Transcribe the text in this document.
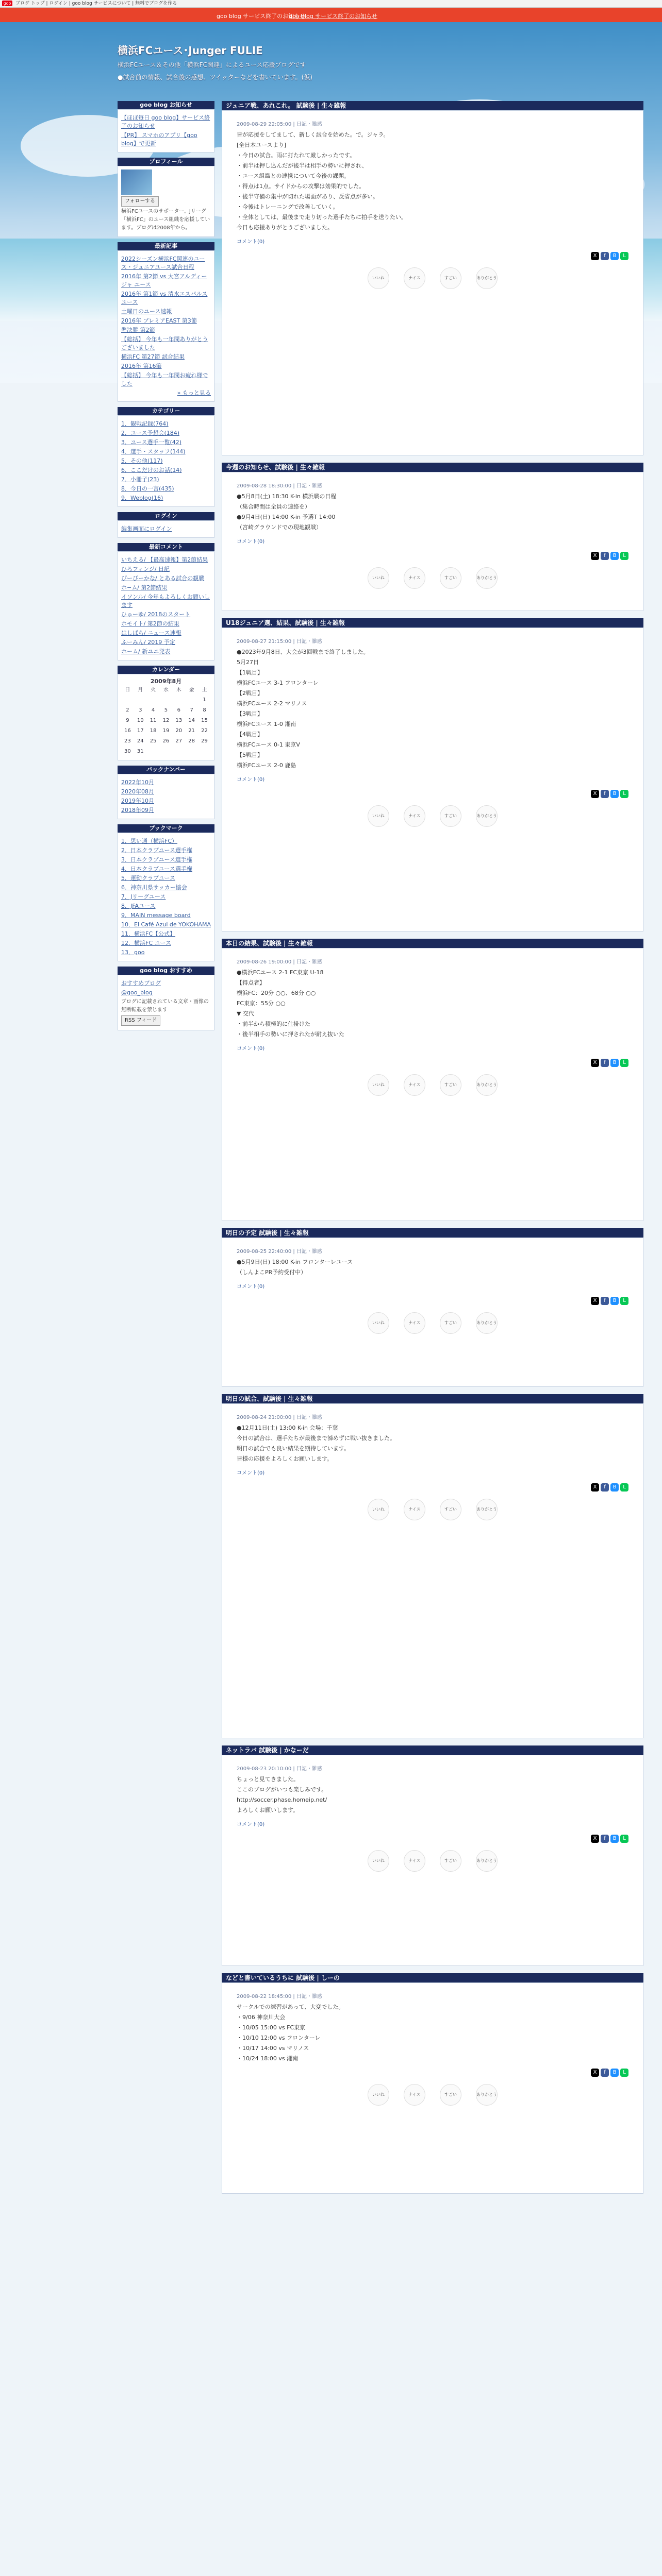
goo ブログ トップ | ログイン | goo blog サービスについて | 無料でブログを作る
goo blog サービス終了のお知らせ
goo blog サービス終了のお知らせ
横浜FCユース･Junger FULIE
横浜FCユース＆その他「横浜FC関連」によるユース応援ブログです
●試合前の情報、試合後の感想、ツイッターなどを書いています。(仮)
goo blog お知らせ
【ほぼ毎日 goo blog】サービス終了のお知らせ
【PR】 スマホのアプリ【goo blog】で更新
プロフィール
フォローする
横浜FCユースのサポーター。Jリーグ「横浜FC」のユース組織を応援しています。ブログは2008年から。
最新記事
2022シーズン横浜FC関連のユース・ジュニアユース試合日程
2016年 第2節 vs 大宮アルディージャ ユース
2016年 第1節 vs 清水エスパルスユース
土曜日のユース速報
2016年 プレミアEAST 第3節
準決勝 第2節
【総括】 今年も一年間ありがとうございました
横浜FC 第27節 試合結果
2016年 第16節
【総括】 今年も一年間お疲れ様でした
» もっと見る
カテゴリー
1．観戦記録(764)
2．ユース予想会(184)
3．ユース選手一覧(42)
4．選手・スタッフ(144)
5．その他(117)
6．ここだけのお話(14)
7．小冊子(23)
8．今日の一言(435)
9．Weblog(16)
ログイン
編集画面にログイン
最新コメント
いちえる/ 【最高速報】第2節結果
ひろフィンジ/ 日記
ぴーぴーかな/ とある試合の観戦
ホ−ム/ 第2節結果
イソンル/ 今年もよろしくお願いします
ひゅーゆ/ 2018のスタート
ホモイト/ 第2節の結果
はしばら/ ニュース速報
ふーみん/ 2019 予定
ホーム/ 新ユニ発表
カレンダー
2009年8月
日	月	火	水	木	金	土
						1
2	3	4	5	6	7	8
9	10	11	12	13	14	15
16	17	18	19	20	21	22
23	24	25	26	27	28	29
30	31					
バックナンバー
2022年10月
2020年08月
2019年10月
2018年09月
ブックマーク
1．思い通（横浜FC）
2．日本クラブユース選手権
3．日本クラブユース選手権
4．日本クラブユース選手権
5．運動クラブユース
6．神奈川県サッカー協会
7．Jリーグユース
8．JFAユース
9．MAIN message board
10．El Café Azul de YOKOHAMA
11．横浜FC【公式】
12．横浜FC ユース
13．goo
goo blog おすすめ
おすすめブログ
@goo_blog
ブログに記載されている文章・画像の無断転載を禁じます
RSS フィード
ジュニア戦、あれこれ。 試験後 | 生々雑報
2009-08-29 22:05:00 | 日記・雑感

皆が応援をしてまして、新しく試合を始めた。で。ジャラ。

[全日本ユースより]

・今日の試合。雨に打たれて厳しかったです。

・前半は押し込んだが後半は相手の勢いに押され、

・ユース組織との連携について今後の課題。

・得点は1点。サイドからの攻撃は効果的でした。

・後半守備の集中が切れた場面があり、反省点が多い。

・今後はトレーニングで改善していく。

・全体としては、最後まで走り切った選手たちに拍手を送りたい。

今日も応援ありがとうございました。

コメント(0)
X f B L
いいね	ナイス	すごい	ありがとう
今週のお知らせ、試験後 | 生々雑報
2009-08-28 18:30:00 | 日記・雑感

●5月8日(土) 18:30 K-in 横浜戦の日程

（集合時間は全員の連絡を）

●9月4日(日) 14:00 K-in 予選T 14:00

（宮崎グラウンドでの現地観戦）

コメント(0)
X f B L
いいね	ナイス	すごい	ありがとう
U18ジュニア選、結果、試験後 | 生々雑報
2009-08-27 21:15:00 | 日記・雑感

●2023年9月8日、大会が3回戦まで終了しました。

5月27日

【1戦目】

横浜FCユース 3-1 フロンターレ

【2戦目】

横浜FCユース 2-2 マリノス

【3戦目】

横浜FCユース 1-0 湘南

【4戦目】

横浜FCユース 0-1 東京V

【5戦目】

横浜FCユース 2-0 鹿島

コメント(0)
X f B L
いいね	ナイス	すごい	ありがとう
本日の結果、試験後 | 生々雑報
2009-08-26 19:00:00 | 日記・雑感

●横浜FCユース 2-1 FC東京 U-18

【得点者】

横浜FC：20分 ○○、68分 ○○

FC東京：55分 ○○

▼ 交代

・前半から積極的に仕掛けた

・後半相手の勢いに押されたが耐え抜いた

コメント(0)
X f B L
いいね	ナイス	すごい	ありがとう
明日の予定 試験後 | 生々雑報
2009-08-25 22:40:00 | 日記・雑感

●5月9日(日) 18:00 K-in フロンターレユース

（しんよこPR予約受付中）

コメント(0)
X f B L
いいね	ナイス	すごい	ありがとう
明日の試合、試験後 | 生々雑報
2009-08-24 21:00:00 | 日記・雑感

●12月11日(土) 13:00 K-in 会場：千葉

今日の試合は、選手たちが最後まで諦めずに戦い抜きました。

明日の試合でも良い結果を期待しています。

皆様の応援をよろしくお願いします。

コメント(0)
X f B L
いいね	ナイス	すごい	ありがとう
ネットラバ 試験後 | かなーだ
2009-08-23 20:10:00 | 日記・雑感

ちょっと見てきました。

ここのブログがいつも楽しみです。

http://soccer.phase.homeip.net/

よろしくお願いします。

コメント(0)
X f B L
いいね	ナイス	すごい	ありがとう
などと書いているうちに 試験後 | しーの
2009-08-22 18:45:00 | 日記・雑感

サークルでの練習があって、大変でした。

・9/06 神奈川大会

・10/05 15:00 vs FC東京

・10/10 12:00 vs フロンターレ

・10/17 14:00 vs マリノス

・10/24 18:00 vs 湘南

X f B L
いいね	ナイス	すごい	ありがとう
